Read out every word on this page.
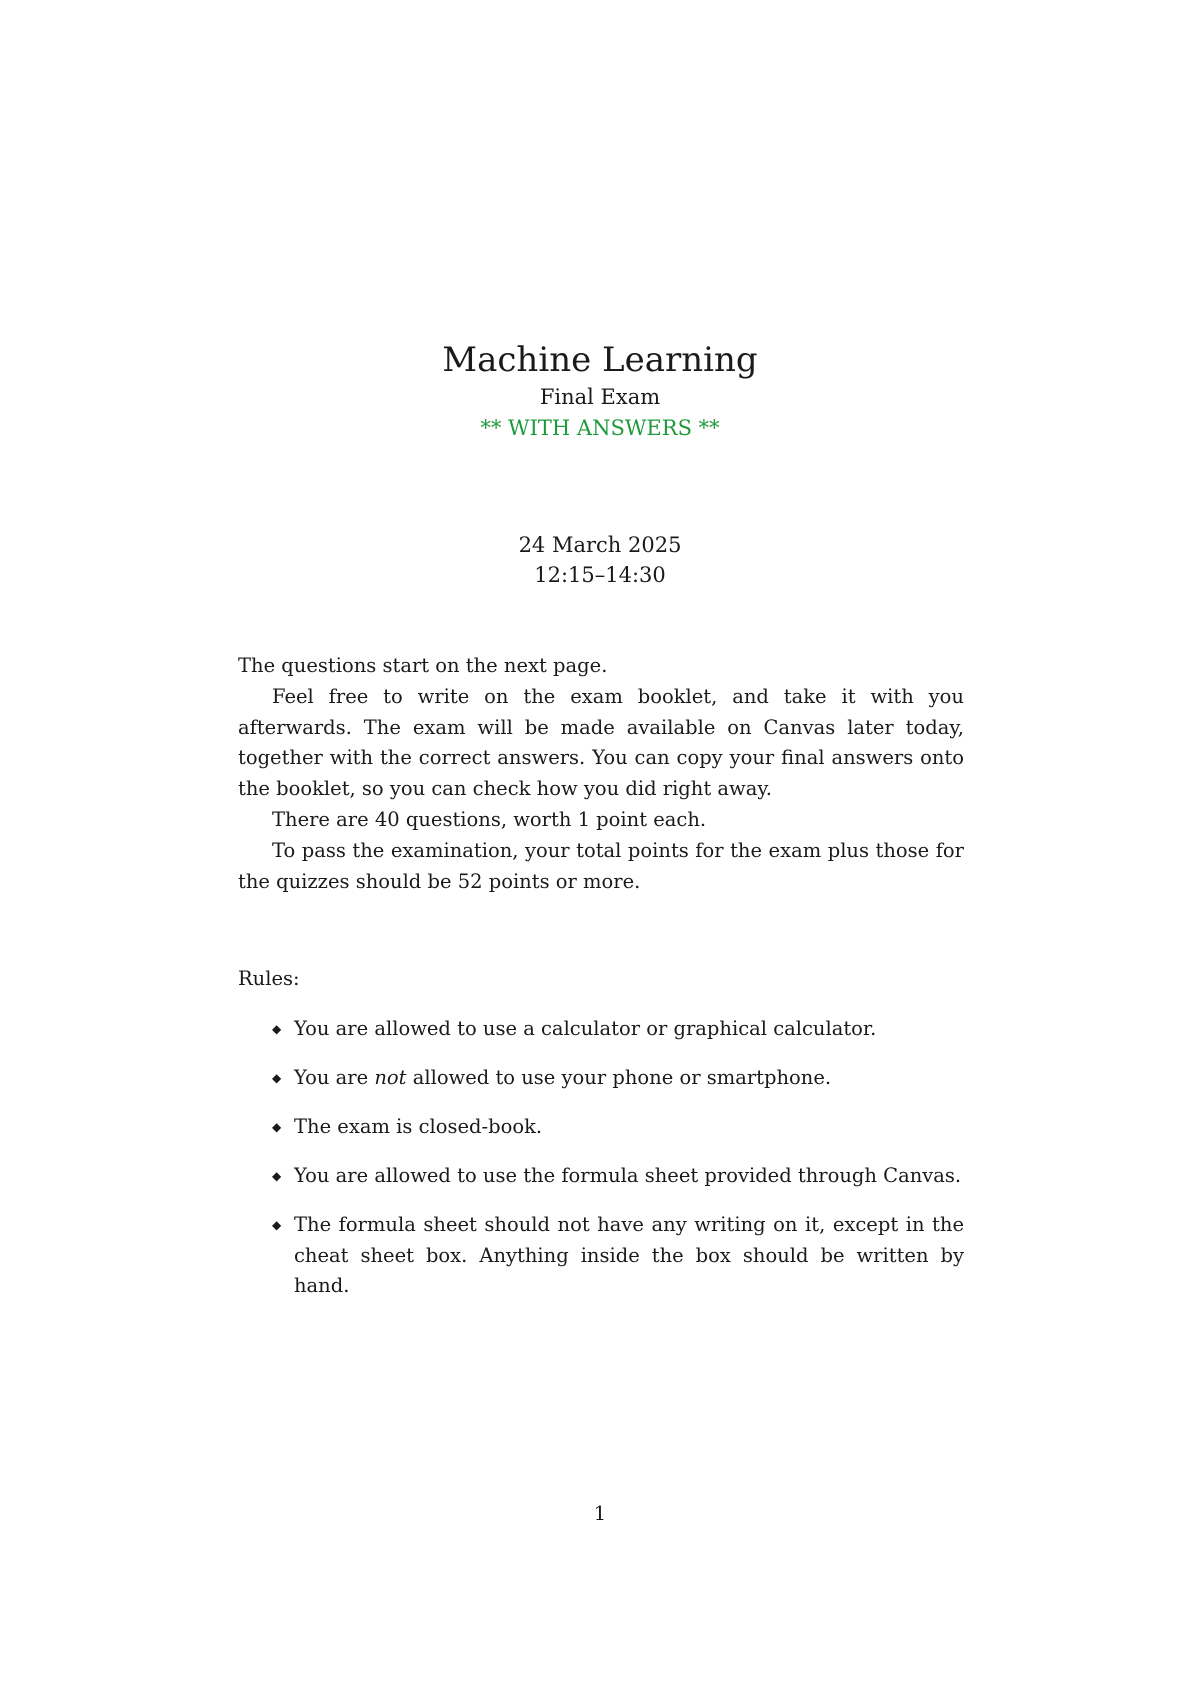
Machine Learning

Final Exam

** WITH ANSWERS **

24 March 2025
12:15–14:30

The questions start on the next page.

Feel free to write on the exam booklet, and take it with you afterwards. The exam will be made available on Canvas later today, together with the correct answers. You can copy your final answers onto the booklet, so you can check how you did right away.

There are 40 questions, worth 1 point each.

To pass the examination, your total points for the exam plus those for the quizzes should be 52 points or more.

Rules:
◆ You are allowed to use a calculator or graphical calculator.
◆ You are not allowed to use your phone or smartphone.
◆ The exam is closed-book.
◆ You are allowed to use the formula sheet provided through Canvas.
◆ The formula sheet should not have any writing on it, except in the cheat sheet box. Anything inside the box should be written by hand.
1
